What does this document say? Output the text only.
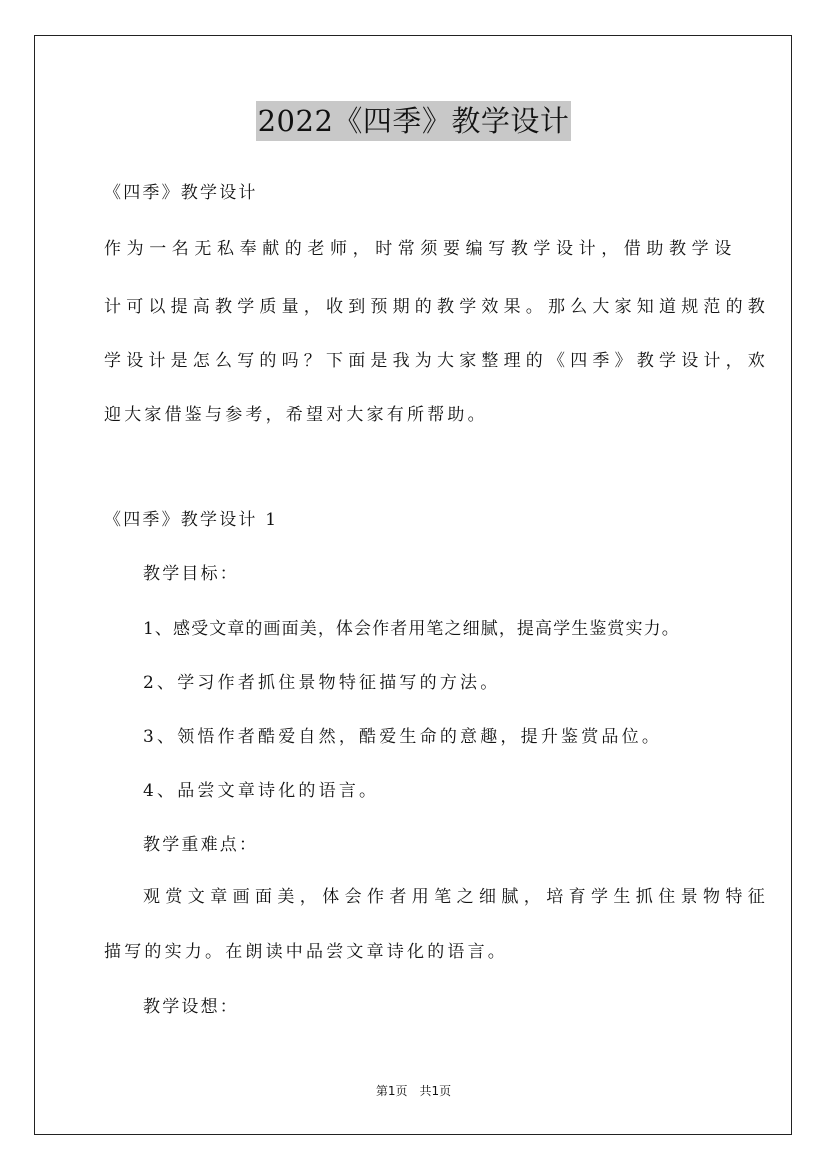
2022《四季》教学设计
《四季》教学设计
作为一名无私奉献的老师，时常须要编写教学设计，借助教学设
计可以提高教学质量，收到预期的教学效果。那么大家知道规范的教
学设计是怎么写的吗？下面是我为大家整理的《四季》教学设计，欢
迎大家借鉴与参考，希望对大家有所帮助。
《四季》教学设计 1
教学目标：
1、感受文章的画面美，体会作者用笔之细腻，提高学生鉴赏实力。
2、学习作者抓住景物特征描写的方法。
3、领悟作者酷爱自然，酷爱生命的意趣，提升鉴赏品位。
4、品尝文章诗化的语言。
教学重难点：
观赏文章画面美，体会作者用笔之细腻，培育学生抓住景物特征
描写的实力。在朗读中品尝文章诗化的语言。
教学设想：
第1页　共1页
